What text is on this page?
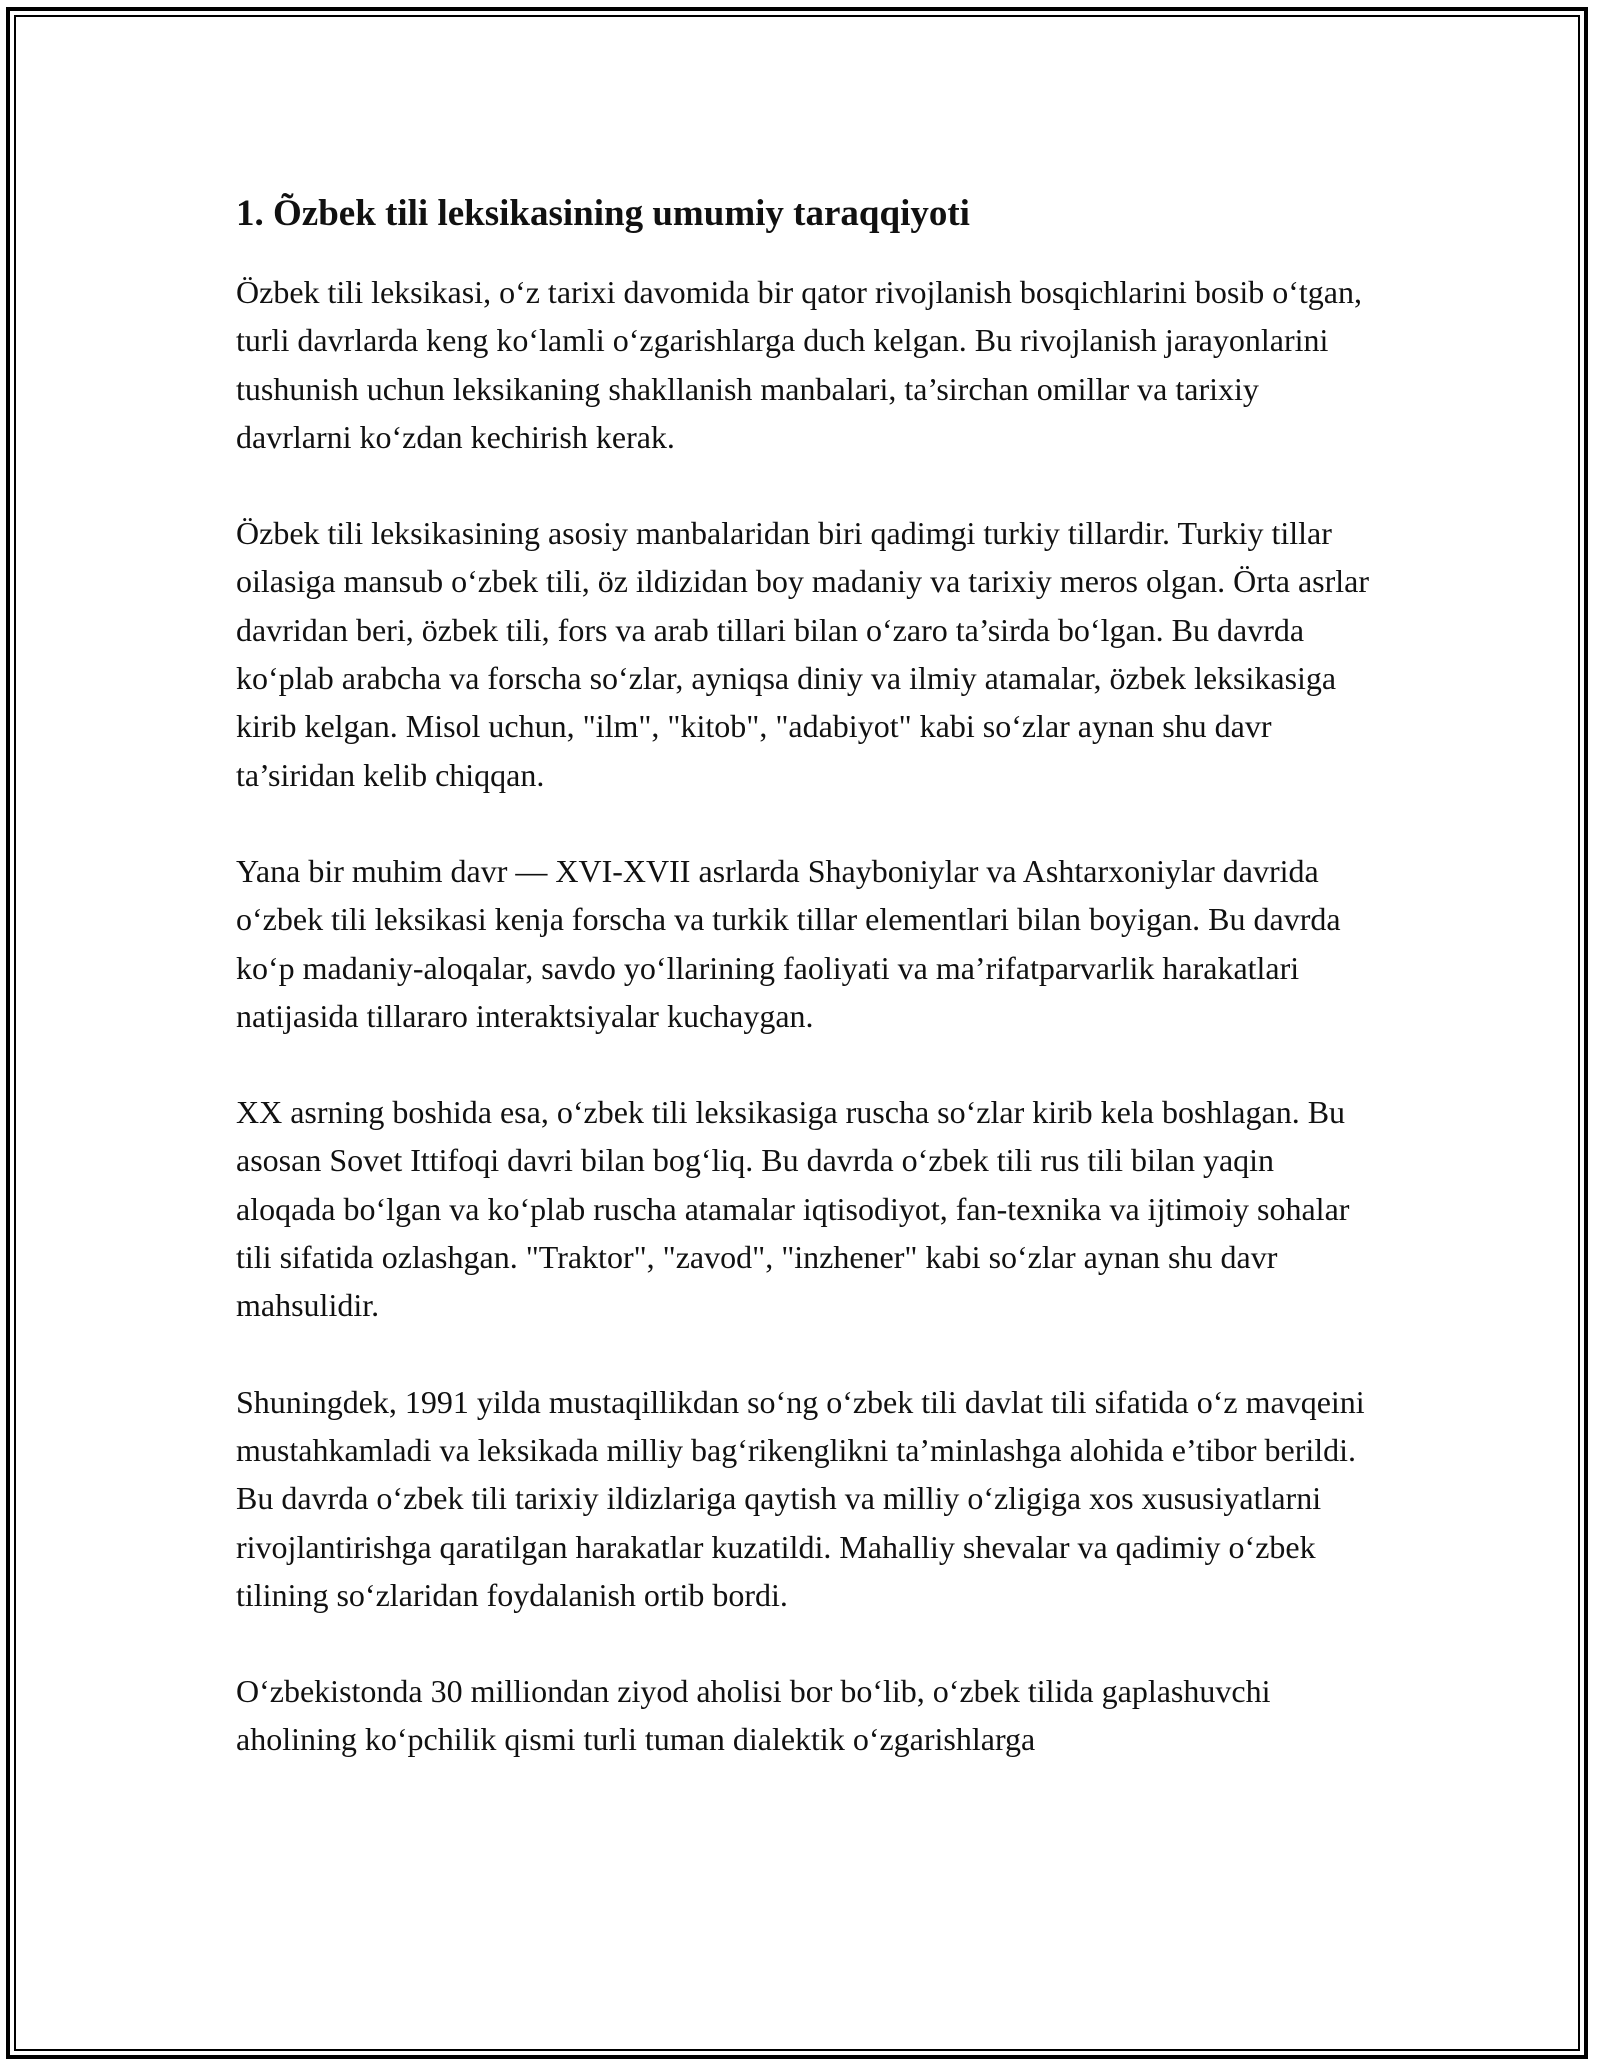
1. Õzbek tili leksikasining umumiy taraqqiyoti

Özbek tili leksikasi, o‘z tarixi davomida bir qator rivojlanish bosqichlarini bosib o‘tgan, turli davrlarda keng ko‘lamli o‘zgarishlarga duch kelgan. Bu rivojlanish jarayonlarini tushunish uchun leksikaning shakllanish manbalari, ta’sirchan omillar va tarixiy davrlarni ko‘zdan kechirish kerak.

Özbek tili leksikasining asosiy manbalaridan biri qadimgi turkiy tillardir. Turkiy tillar oilasiga mansub o‘zbek tili, öz ildizidan boy madaniy va tarixiy meros olgan. Örta asrlar davridan beri, özbek tili, fors va arab tillari bilan o‘zaro ta’sirda bo‘lgan. Bu davrda ko‘plab arabcha va forscha so‘zlar, ayniqsa diniy va ilmiy atamalar, özbek leksikasiga kirib kelgan. Misol uchun, "ilm", "kitob", "adabiyot" kabi so‘zlar aynan shu davr ta’siridan kelib chiqqan.

Yana bir muhim davr — XVI-XVII asrlarda Shayboniylar va Ashtarxoniylar davrida o‘zbek tili leksikasi kenja forscha va turkik tillar elementlari bilan boyigan. Bu davrda ko‘p madaniy-aloqalar, savdo yo‘llarining faoliyati va ma’rifatparvarlik harakatlari natijasida tillararo interaktsiyalar kuchaygan.

XX asrning boshida esa, o‘zbek tili leksikasiga ruscha so‘zlar kirib kela boshlagan. Bu asosan Sovet Ittifoqi davri bilan bog‘liq. Bu davrda o‘zbek tili rus tili bilan yaqin aloqada bo‘lgan va ko‘plab ruscha atamalar iqtisodiyot, fan-texnika va ijtimoiy sohalar tili sifatida ozlashgan. "Traktor", "zavod", "inzhener" kabi so‘zlar aynan shu davr mahsulidir.

Shuningdek, 1991 yilda mustaqillikdan so‘ng o‘zbek tili davlat tili sifatida o‘z mavqeini mustahkamladi va leksikada milliy bag‘rikenglikni ta’minlashga alohida e’tibor berildi. Bu davrda o‘zbek tili tarixiy ildizlariga qaytish va milliy o‘zligiga xos xususiyatlarni rivojlantirishga qaratilgan harakatlar kuzatildi. Mahalliy shevalar va qadimiy o‘zbek tilining so‘zlaridan foydalanish ortib bordi.

O‘zbekistonda 30 milliondan ziyod aholisi bor bo‘lib, o‘zbek tilida gaplashuvchi aholining ko‘pchilik qismi turli tuman dialektik o‘zgarishlarga
